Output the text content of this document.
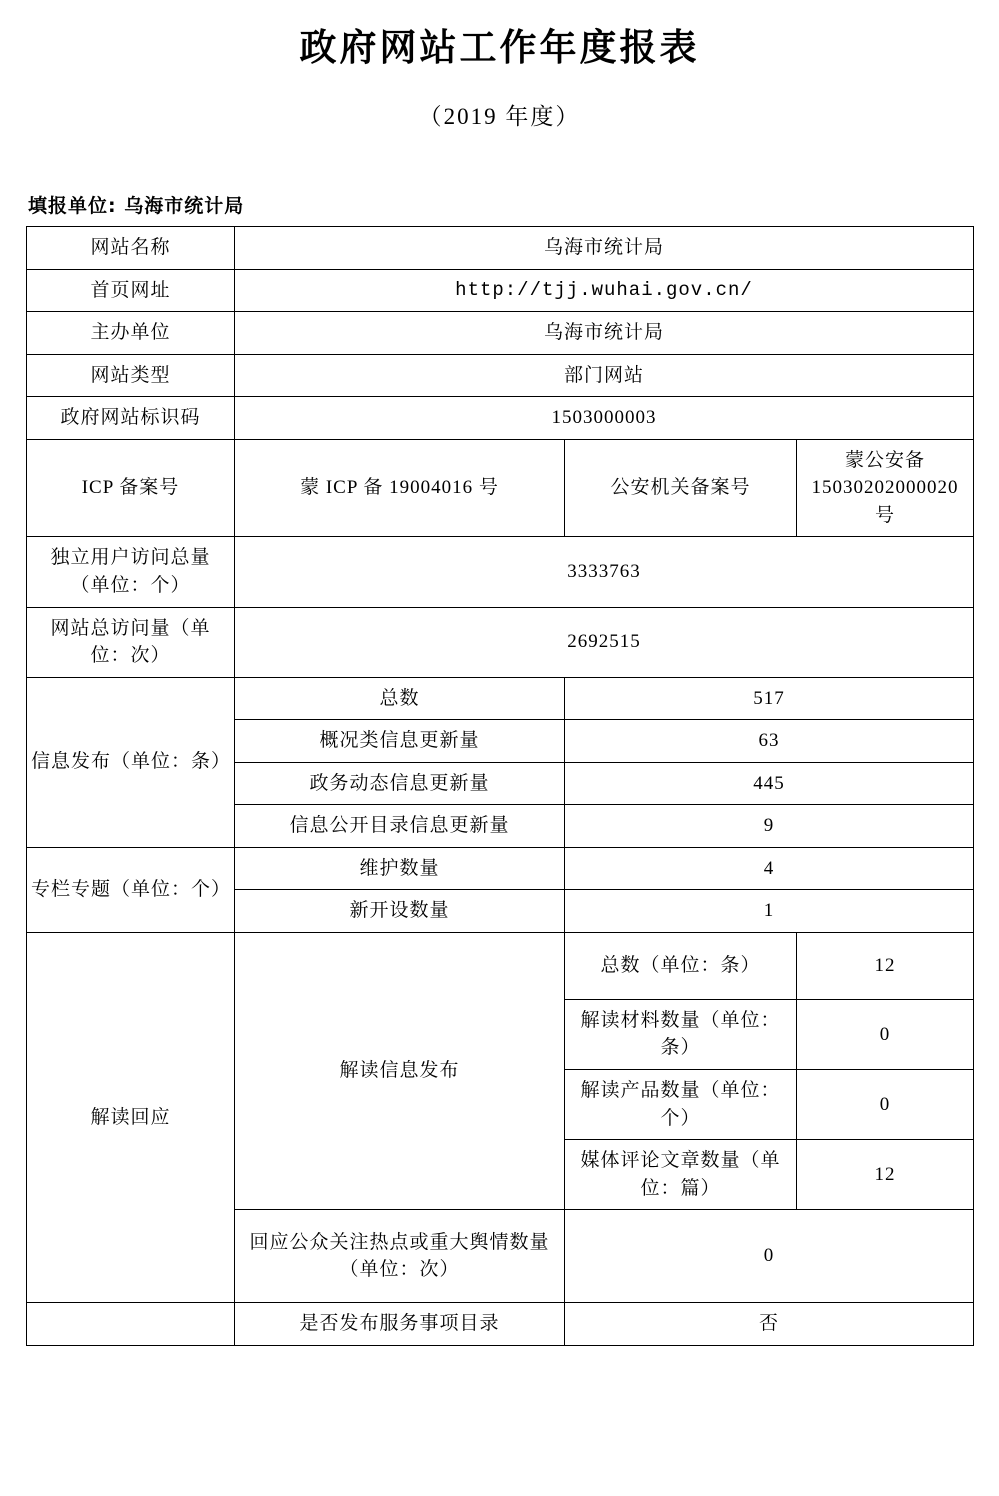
政府网站工作年度报表
（2019 年度）
填报单位: 乌海市统计局
网站名称	乌海市统计局		
首页网址	http://tjj.wuhai.gov.cn/		
主办单位	乌海市统计局		
网站类型	部门网站		
政府网站标识码	1503000003		
ICP 备案号	蒙 ICP 备 19004016 号	公安机关备案号	蒙公安备 15030202000020 号
独立用户访问总量（单位：个）	3333763		
网站总访问量（单位：次）	2692515		
信息发布（单位：条）	总数	517	
	概况类信息更新量	63	
	政务动态信息更新量	445	
	信息公开目录信息更新量	9	
专栏专题（单位：个）	维护数量	4	
	新开设数量	1	
解读回应	解读信息发布	总数（单位：条）	12
		解读材料数量（单位：条）	0
		解读产品数量（单位：个）	0
		媒体评论文章数量（单位：篇）	12
	回应公众关注热点或重大舆情数量（单位：次）	0	
	是否发布服务事项目录	否	
